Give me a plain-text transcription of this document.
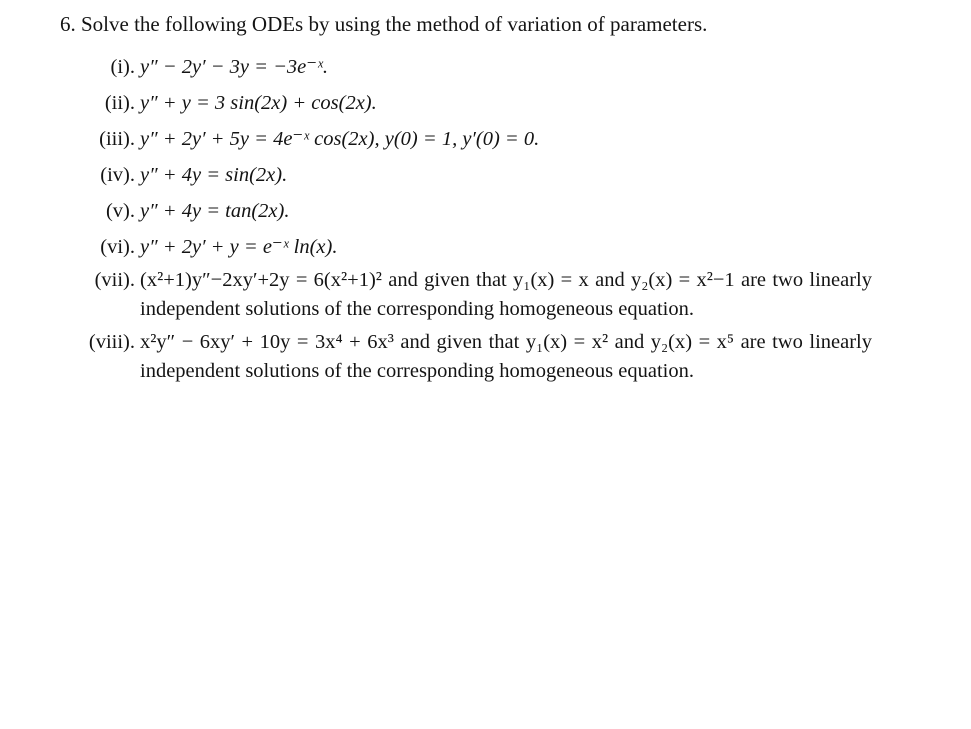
6. Solve the following ODEs by using the method of variation of parameters.
(i). y″ − 2y′ − 3y = −3e⁻ˣ.
(ii). y″ + y = 3 sin(2x) + cos(2x).
(iii). y″ + 2y′ + 5y = 4e⁻ˣ cos(2x), y(0) = 1, y′(0) = 0.
(iv). y″ + 4y = sin(2x).
(v). y″ + 4y = tan(2x).
(vi). y″ + 2y′ + y = e⁻ˣ ln(x).
(vii). (x²+1)y″−2xy′+2y = 6(x²+1)² and given that y₁(x) = x and y₂(x) = x²−1 are two linearly independent solutions of the corresponding homogeneous equation.
(viii). x²y″ − 6xy′ + 10y = 3x⁴ + 6x³ and given that y₁(x) = x² and y₂(x) = x⁵ are two linearly independent solutions of the corresponding homogeneous equation.
